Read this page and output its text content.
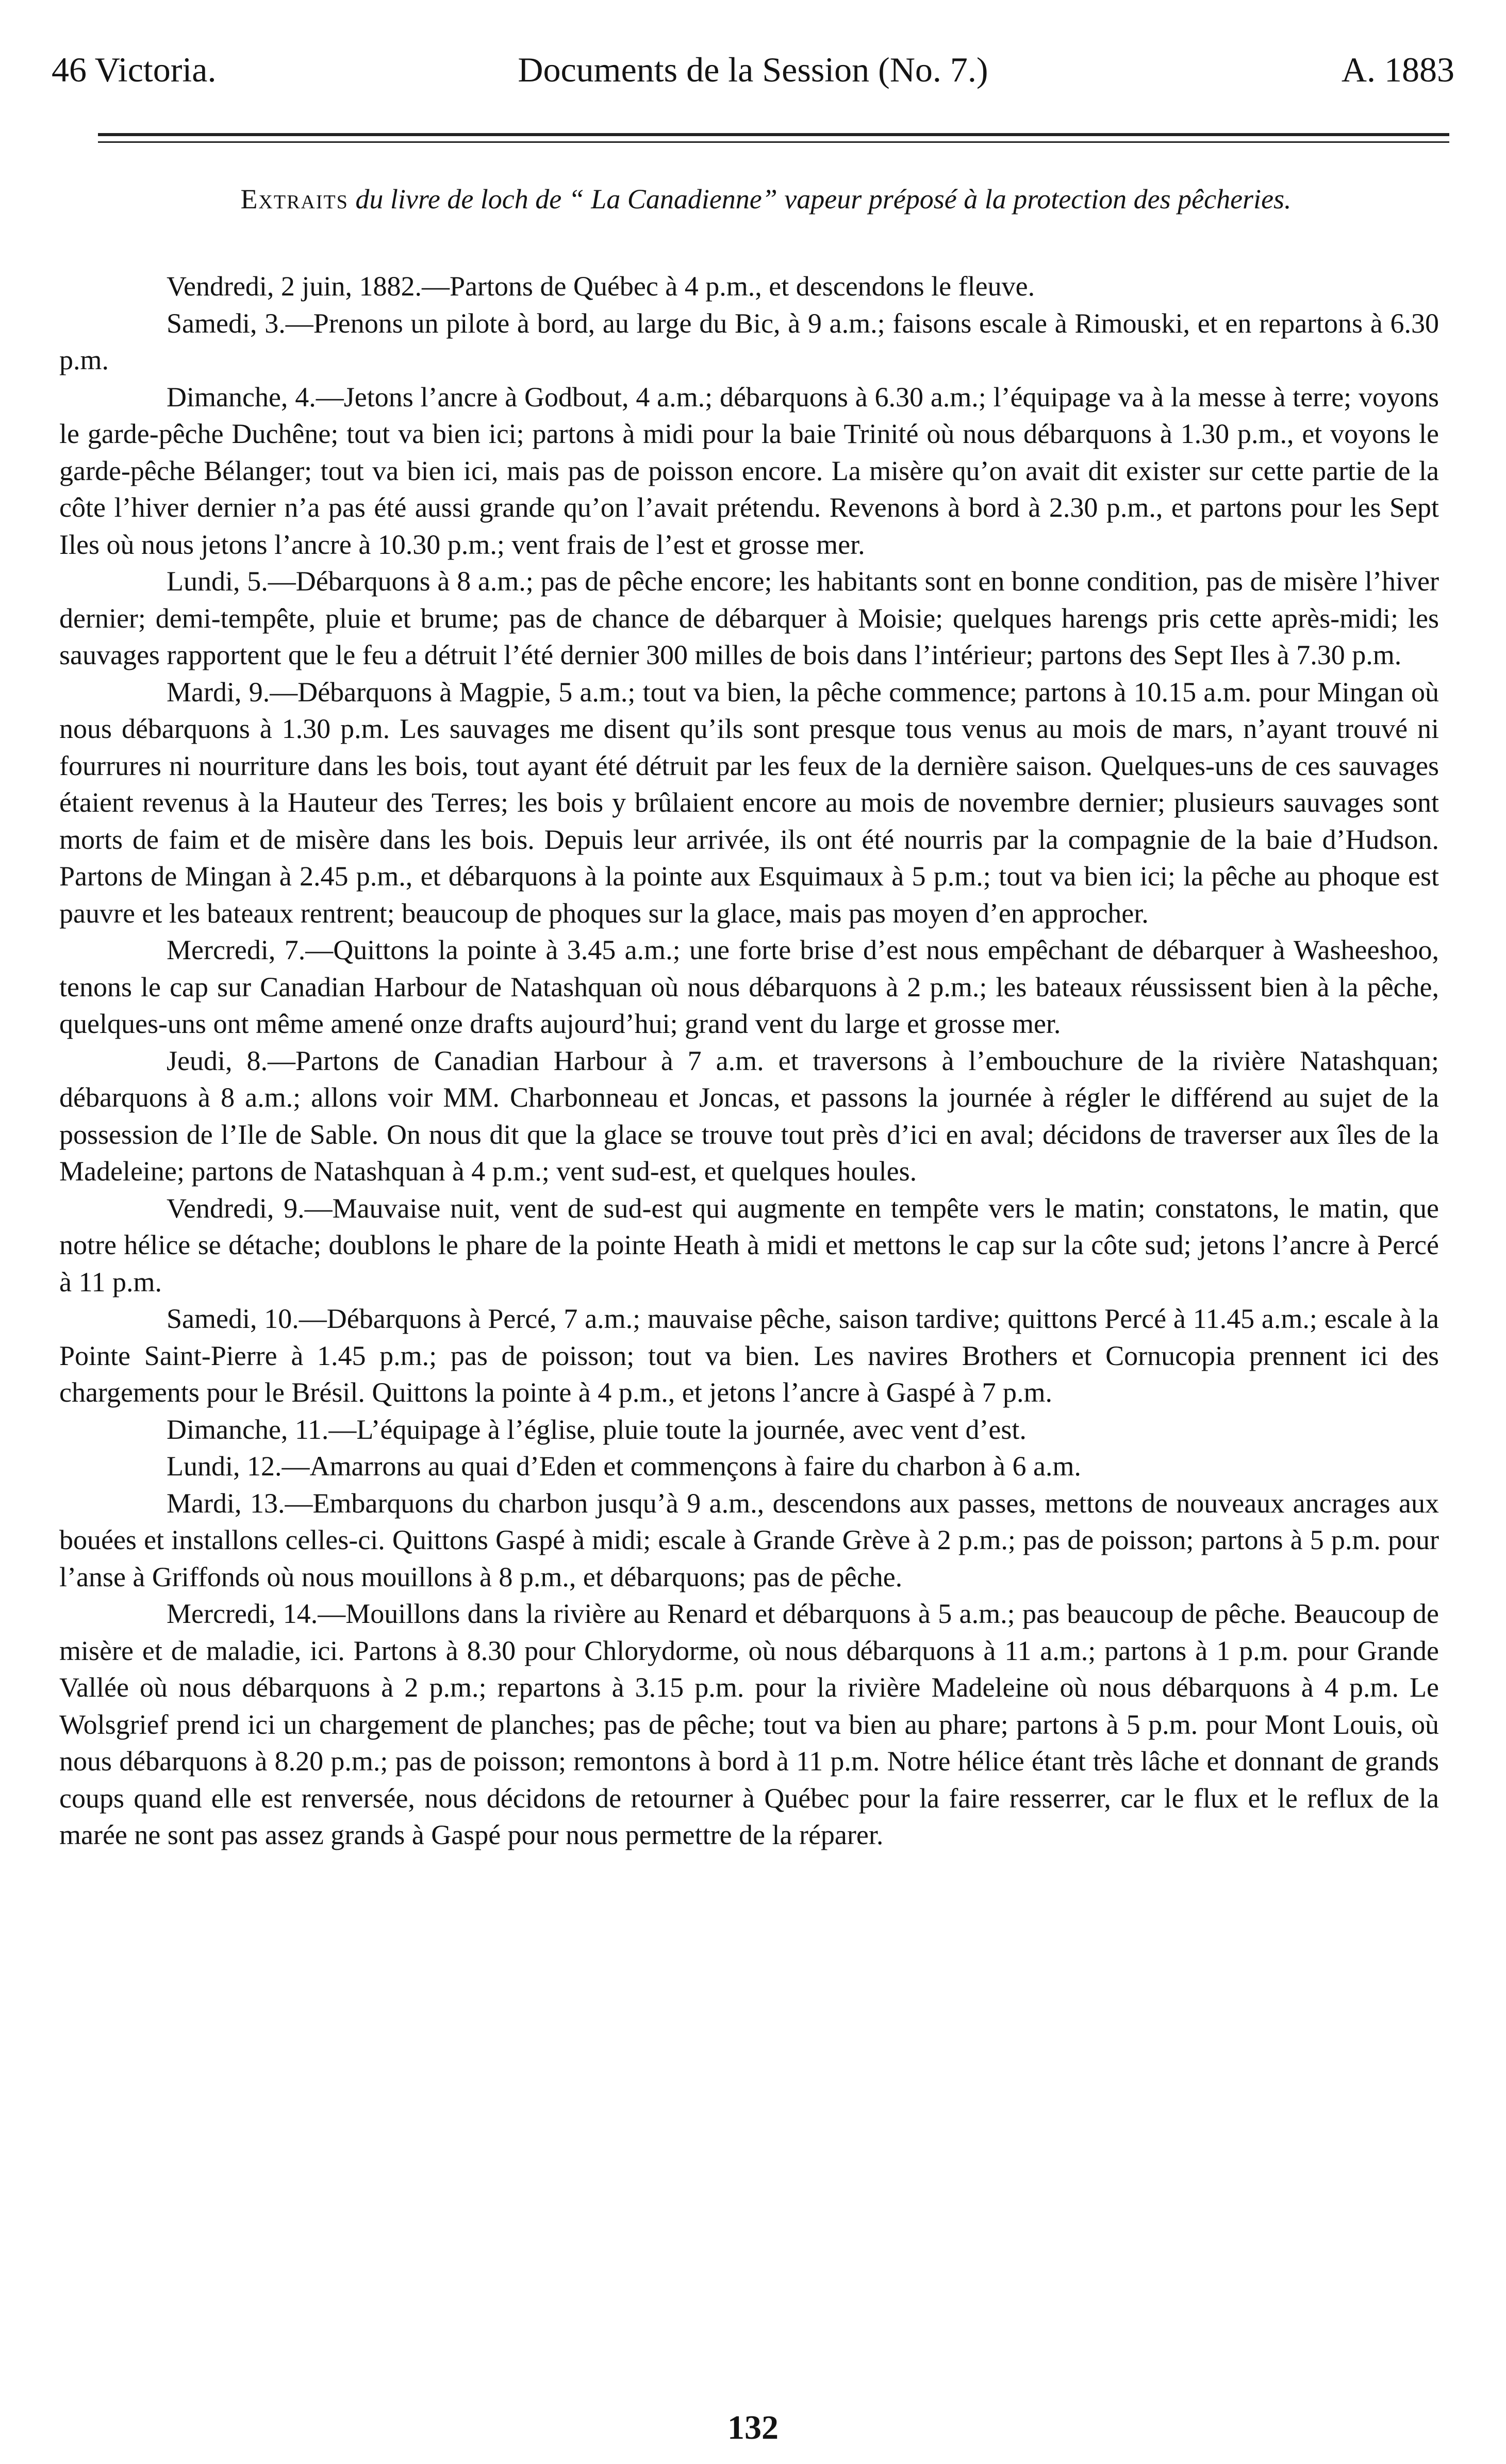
46 Victoria.	Documents de la Session (No. 7.)	A. 1883
Extraits du livre de loch de “ La Canadienne” vapeur préposé à la protection des pêcheries.

Vendredi, 2 juin, 1882.—Partons de Québec à 4 p.m., et descendons le fleuve.

Samedi, 3.—Prenons un pilote à bord, au large du Bic, à 9 a.m.; faisons escale à Rimouski, et en repartons à 6.30 p.m.

Dimanche, 4.—Jetons l’ancre à Godbout, 4 a.m.; débarquons à 6.30 a.m.; l’équipage va à la messe à terre; voyons le garde-pêche Duchêne; tout va bien ici; partons à midi pour la baie Trinité où nous débarquons à 1.30 p.m., et voyons le garde-pêche Bélanger; tout va bien ici, mais pas de poisson encore. La misère qu’on avait dit exister sur cette partie de la côte l’hiver dernier n’a pas été aussi grande qu’on l’avait prétendu. Revenons à bord à 2.30 p.m., et partons pour les Sept Iles où nous jetons l’ancre à 10.30 p.m.; vent frais de l’est et grosse mer.

Lundi, 5.—Débarquons à 8 a.m.; pas de pêche encore; les habitants sont en bonne condition, pas de misère l’hiver dernier; demi-tempête, pluie et brume; pas de chance de débarquer à Moisie; quelques harengs pris cette après-midi; les sauvages rapportent que le feu a détruit l’été dernier 300 milles de bois dans l’intérieur; partons des Sept Iles à 7.30 p.m.

Mardi, 9.—Débarquons à Magpie, 5 a.m.; tout va bien, la pêche commence; partons à 10.15 a.m. pour Mingan où nous débarquons à 1.30 p.m. Les sauvages me disent qu’ils sont presque tous venus au mois de mars, n’ayant trouvé ni fourrures ni nourriture dans les bois, tout ayant été détruit par les feux de la dernière saison. Quelques-uns de ces sauvages étaient revenus à la Hauteur des Terres; les bois y brûlaient encore au mois de novembre dernier; plusieurs sauvages sont morts de faim et de misère dans les bois. Depuis leur arrivée, ils ont été nourris par la compagnie de la baie d’Hudson. Partons de Mingan à 2.45 p.m., et débarquons à la pointe aux Esquimaux à 5 p.m.; tout va bien ici; la pêche au phoque est pauvre et les bateaux rentrent; beaucoup de phoques sur la glace, mais pas moyen d’en approcher.

Mercredi, 7.—Quittons la pointe à 3.45 a.m.; une forte brise d’est nous empêchant de débarquer à Washeeshoo, tenons le cap sur Canadian Harbour de Natashquan où nous débarquons à 2 p.m.; les bateaux réussissent bien à la pêche, quelques-uns ont même amené onze drafts aujourd’hui; grand vent du large et grosse mer.

Jeudi, 8.—Partons de Canadian Harbour à 7 a.m. et traversons à l’embouchure de la rivière Natashquan; débarquons à 8 a.m.; allons voir MM. Charbonneau et Joncas, et passons la journée à régler le différend au sujet de la possession de l’Ile de Sable. On nous dit que la glace se trouve tout près d’ici en aval; décidons de traverser aux îles de la Madeleine; partons de Natashquan à 4 p.m.; vent sud-est, et quelques houles.

Vendredi, 9.—Mauvaise nuit, vent de sud-est qui augmente en tempête vers le matin; constatons, le matin, que notre hélice se détache; doublons le phare de la pointe Heath à midi et mettons le cap sur la côte sud; jetons l’ancre à Percé à 11 p.m.

Samedi, 10.—Débarquons à Percé, 7 a.m.; mauvaise pêche, saison tardive; quittons Percé à 11.45 a.m.; escale à la Pointe Saint-Pierre à 1.45 p.m.; pas de poisson; tout va bien. Les navires Brothers et Cornucopia prennent ici des chargements pour le Brésil. Quittons la pointe à 4 p.m., et jetons l’ancre à Gaspé à 7 p.m.

Dimanche, 11.—L’équipage à l’église, pluie toute la journée, avec vent d’est.

Lundi, 12.—Amarrons au quai d’Eden et commençons à faire du charbon à 6 a.m.

Mardi, 13.—Embarquons du charbon jusqu’à 9 a.m., descendons aux passes, mettons de nouveaux ancrages aux bouées et installons celles-ci. Quittons Gaspé à midi; escale à Grande Grève à 2 p.m.; pas de poisson; partons à 5 p.m. pour l’anse à Griffonds où nous mouillons à 8 p.m., et débarquons; pas de pêche.

Mercredi, 14.—Mouillons dans la rivière au Renard et débarquons à 5 a.m.; pas beaucoup de pêche. Beaucoup de misère et de maladie, ici. Partons à 8.30 pour Chlorydorme, où nous débarquons à 11 a.m.; partons à 1 p.m. pour Grande Vallée où nous débarquons à 2 p.m.; repartons à 3.15 p.m. pour la rivière Madeleine où nous débarquons à 4 p.m. Le Wolsgrief prend ici un chargement de planches; pas de pêche; tout va bien au phare; partons à 5 p.m. pour Mont Louis, où nous débarquons à 8.20 p.m.; pas de poisson; remontons à bord à 11 p.m. Notre hélice étant très lâche et donnant de grands coups quand elle est renversée, nous décidons de retourner à Québec pour la faire resserrer, car le flux et le reflux de la marée ne sont pas assez grands à Gaspé pour nous permettre de la réparer.

132
